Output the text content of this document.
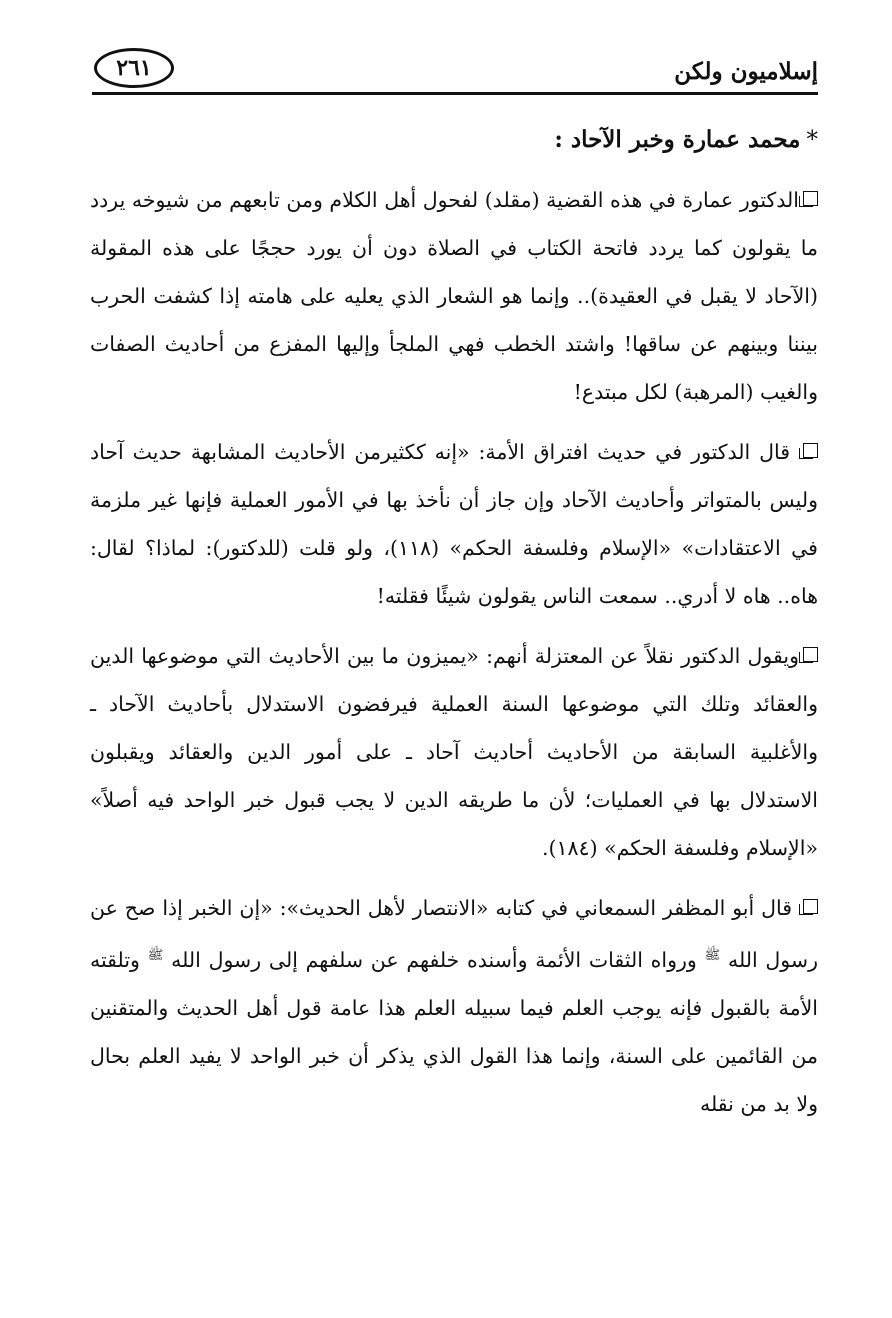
إسلاميون ولكن
٢٦١
*محمد عمارة وخبر الآحاد :

الدكتور عمارة في هذه القضية (مقلد) لفحول أهل الكلام ومن تابعهم من شيوخه يردد ما يقولون كما يردد فاتحة الكتاب في الصلاة دون أن يورد حججًا على هذه المقولة (الآحاد لا يقبل في العقيدة).. وإنما هو الشعار الذي يعليه على هامته إذا كشفت الحرب بيننا وبينهم عن ساقها! واشتد الخطب فهي الملجأ وإليها المفزع من أحاديث الصفات والغيب (المرهبة) لكل مبتدع!

قال الدكتور في حديث افتراق الأمة: «إنه ككثيرمن الأحاديث المشابهة حديث آحاد وليس بالمتواتر وأحاديث الآحاد وإن جاز أن نأخذ بها في الأمور العملية فإنها غير ملزمة في الاعتقادات» «الإسلام وفلسفة الحكم» (١١٨)، ولو قلت (للدكتور): لماذا؟ لقال: هاه.. هاه لا أدري.. سمعت الناس يقولون شيئًا فقلته!

ويقول الدكتور نقلاً عن المعتزلة أنهم: «يميزون ما بين الأحاديث التي موضوعها الدين والعقائد وتلك التي موضوعها السنة العملية فيرفضون الاستدلال بأحاديث الآحاد ـ والأغلبية السابقة من الأحاديث أحاديث آحاد ـ على أمور الدين والعقائد ويقبلون الاستدلال بها في العمليات؛ لأن ما طريقه الدين لا يجب قبول خبر الواحد فيه أصلاً» «الإسلام وفلسفة الحكم» (١٨٤).

قال أبو المظفر السمعاني في كتابه «الانتصار لأهل الحديث»: «إن الخبر إذا صح عن رسول الله $^ﷺ$ ورواه الثقات الأئمة وأسنده خلفهم عن سلفهم إلى رسول الله $^ﷺ$ وتلقته الأمة بالقبول فإنه يوجب العلم فيما سبيله العلم هذا عامة قول أهل الحديث والمتقنين من القائمين على السنة، وإنما هذا القول الذي يذكر أن خبر الواحد لا يفيد العلم بحال ولا بد من نقله
